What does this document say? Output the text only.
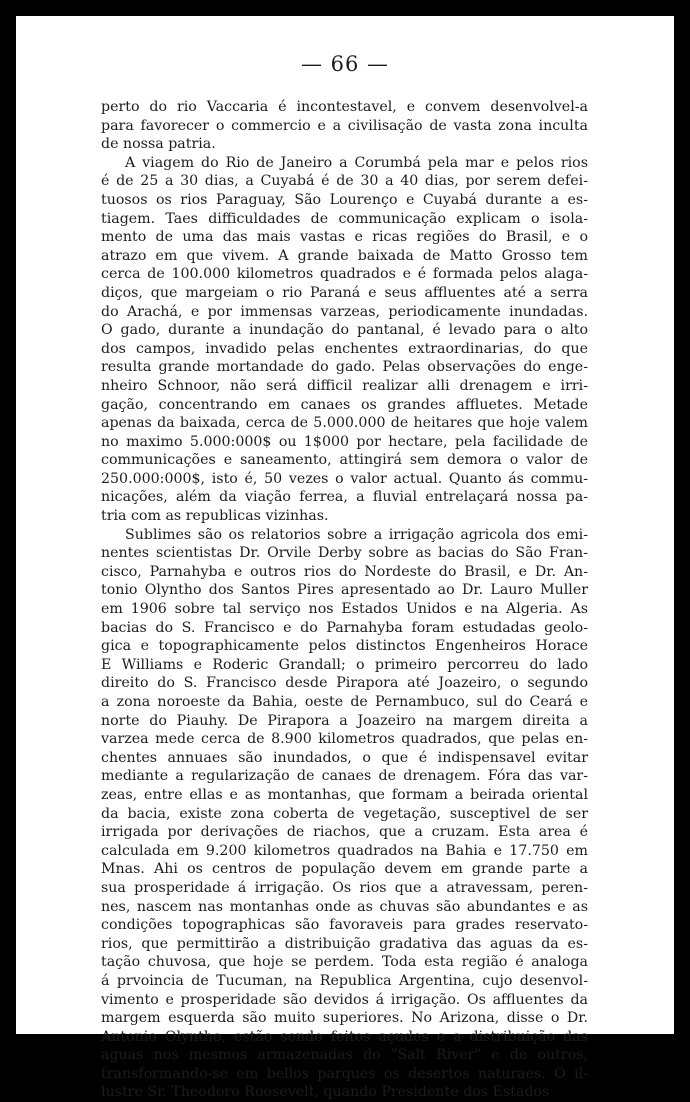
— 66 —
perto do rio Vaccaria é incontestavel, e convem desenvolvel-a
para favorecer o commercio e a civilisação de vasta zona inculta
de nossa patria.
A viagem do Rio de Janeiro a Corumbá pela mar e pelos rios
é de 25 a 30 dias, a Cuyabá é de 30 a 40 dias, por serem defei-
tuosos os rios Paraguay, São Lourenço e Cuyabá durante a es-
tiagem. Taes difficuldades de communicação explicam o isola-
mento de uma das mais vastas e ricas regiões do Brasil, e o
atrazo em que vivem. A grande baixada de Matto Grosso tem
cerca de 100.000 kilometros quadrados e é formada pelos alaga-
diços, que margeiam o rio Paraná e seus affluentes até a serra
do Arachá, e por immensas varzeas, periodicamente inundadas.
O gado, durante a inundação do pantanal, é levado para o alto
dos campos, invadido pelas enchentes extraordinarias, do que
resulta grande mortandade do gado. Pelas observações do enge-
nheiro Schnoor, não será difficil realizar alli drenagem e irri-
gação, concentrando em canaes os grandes affluetes. Metade
apenas da baixada, cerca de 5.000.000 de heitares que hoje valem
no maximo 5.000:000$ ou 1$000 por hectare, pela facilidade de
communicações e saneamento, attingirá sem demora o valor de
250.000:000$, isto é, 50 vezes o valor actual. Quanto ás commu-
nicações, além da viação ferrea, a fluvial entrelaçará nossa pa-
tria com as republicas vizinhas.
Sublimes são os relatorios sobre a irrigação agricola dos emi-
nentes scientistas Dr. Orvile Derby sobre as bacias do São Fran-
cisco, Parnahyba e outros rios do Nordeste do Brasil, e Dr. An-
tonio Olyntho dos Santos Pires apresentado ao Dr. Lauro Muller
em 1906 sobre tal serviço nos Estados Unidos e na Algeria. As
bacias do S. Francisco e do Parnahyba foram estudadas geolo-
gica e topographicamente pelos distinctos Engenheiros Horace
E Williams e Roderic Grandall; o primeiro percorreu do lado
direito do S. Francisco desde Pirapora até Joazeiro, o segundo
a zona noroeste da Bahia, oeste de Pernambuco, sul do Ceará e
norte do Piauhy. De Pirapora a Joazeiro na margem direita a
varzea mede cerca de 8.900 kilometros quadrados, que pelas en-
chentes annuaes são inundados, o que é indispensavel evitar
mediante a regularização de canaes de drenagem. Fóra das var-
zeas, entre ellas e as montanhas, que formam a beirada oriental
da bacia, existe zona coberta de vegetação, susceptivel de ser
irrigada por derivações de riachos, que a cruzam. Esta area é
calculada em 9.200 kilometros quadrados na Bahia e 17.750 em
Mnas. Ahi os centros de população devem em grande parte a
sua prosperidade á irrigação. Os rios que a atravessam, peren-
nes, nascem nas montanhas onde as chuvas são abundantes e as
condições topographicas são favoraveis para grades reservato-
rios, que permittirão a distribuição gradativa das aguas da es-
tação chuvosa, que hoje se perdem. Toda esta região é analoga
á prvoincia de Tucuman, na Republica Argentina, cujo desenvol-
vimento e prosperidade são devidos á irrigação. Os affluentes da
margem esquerda são muito superiores. No Arizona, disse o Dr.
Antonio Olyntho, estão sendo feitos açudes e a distribuição das
aguas nos mesmos armazenadas do "Salt River" e de outros,
transformando-se em bellos parques os desertos naturaes. O il-
lustre Sr. Theodoro Roosevelt, quando Presidente dos Estados
